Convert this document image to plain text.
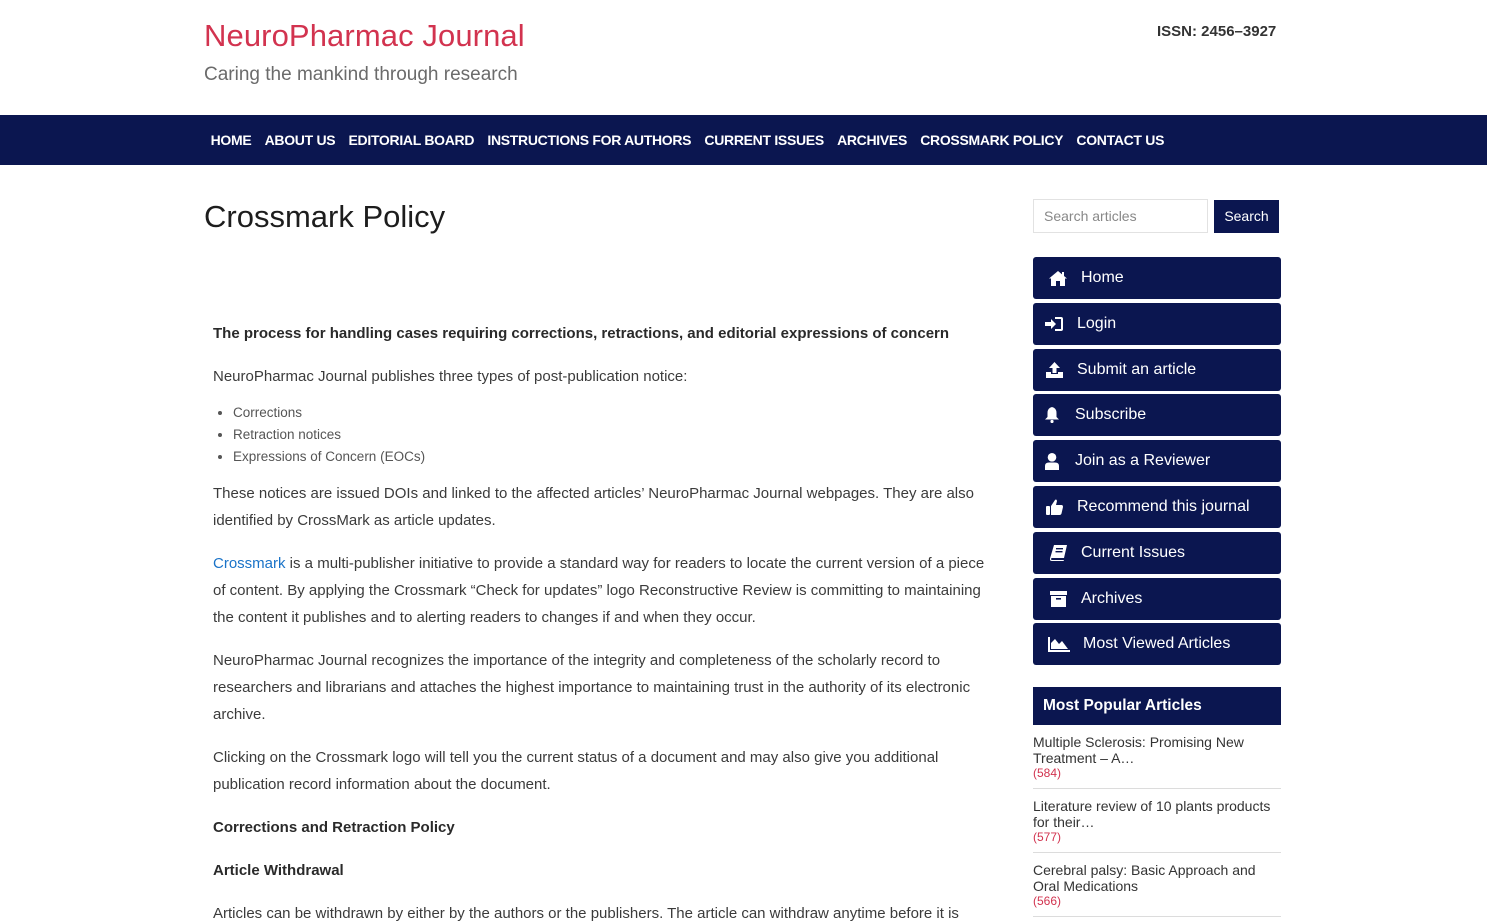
NeuroPharmac Journal
Caring the mankind through research
ISSN: 2456–3927
HOME ABOUT US EDITORIAL BOARD INSTRUCTIONS FOR AUTHORS CURRENT ISSUES ARCHIVES CROSSMARK POLICY CONTACT US
Crossmark Policy

The process for handling cases requiring corrections, retractions, and editorial expressions of concern

NeuroPharmac Journal publishes three types of post-publication notice:

• Corrections
• Retraction notices
• Expressions of Concern (EOCs)

These notices are issued DOIs and linked to the affected articles’ NeuroPharmac Journal webpages. They are also identified by CrossMark as article updates.

Crossmark is a multi-publisher initiative to provide a standard way for readers to locate the current version of a piece of content. By applying the Crossmark “Check for updates” logo Reconstructive Review is committing to maintaining the content it publishes and to alerting readers to changes if and when they occur.

NeuroPharmac Journal recognizes the importance of the integrity and completeness of the scholarly record to researchers and librarians and attaches the highest importance to maintaining trust in the authority of its electronic archive.

Clicking on the Crossmark logo will tell you the current status of a document and may also give you additional publication record information about the document.

Corrections and Retraction Policy

Article Withdrawal

Articles can be withdrawn by either by the authors or the publishers. The article can withdraw anytime before it is

Search articles
Search
Home
Login
Submit an article
Subscribe
Join as a Reviewer
Recommend this journal
Current Issues
Archives
Most Viewed Articles
Most Popular Articles
Multiple Sclerosis: Promising New Treatment – A…
(584)
Literature review of 10 plants products for their…
(577)
Cerebral palsy: Basic Approach and Oral Medications
(566)
